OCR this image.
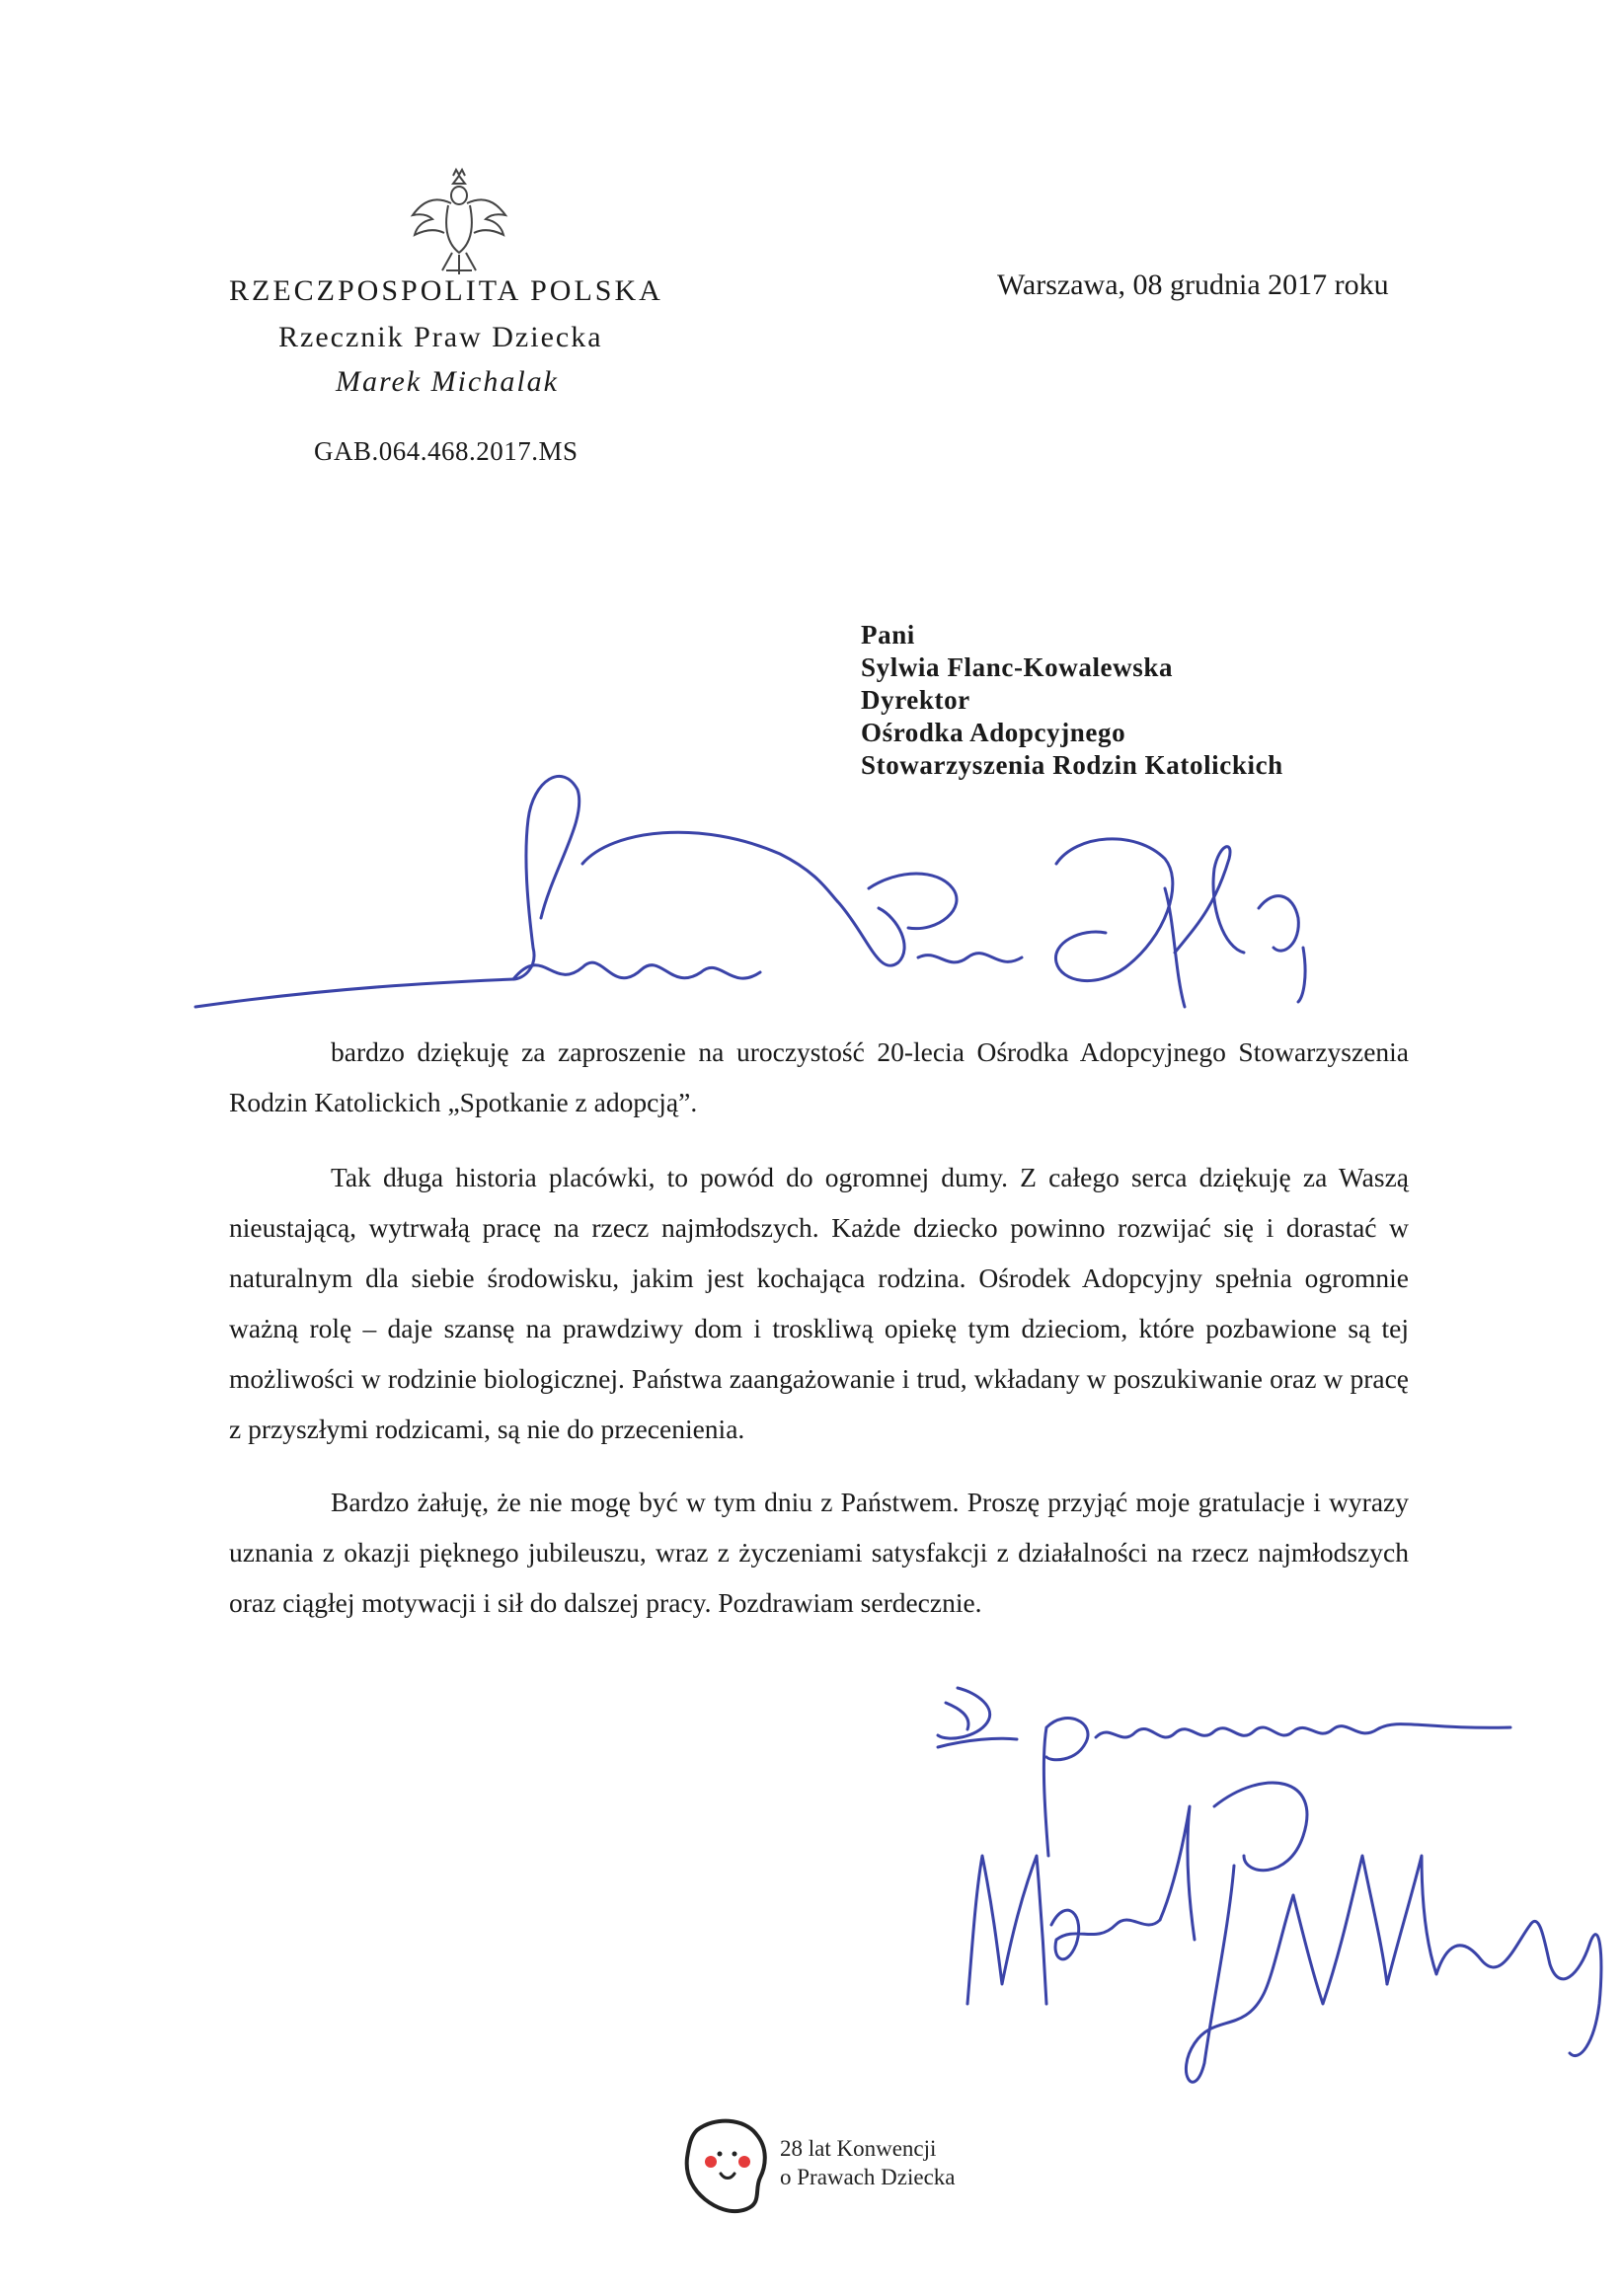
RZECZPOSPOLITA POLSKA
Rzecznik Praw Dziecka
Marek Michalak
GAB.064.468.2017.MS
Warszawa, 08 grudnia 2017 roku
Pani
Sylwia Flanc-Kowalewska
Dyrektor
Ośrodka Adopcyjnego
Stowarzyszenia Rodzin Katolickich
bardzo dziękuję za zaproszenie na uroczystość 20-lecia Ośrodka Adopcyjnego Stowarzyszenia Rodzin Katolickich „Spotkanie z adopcją”.
Tak długa historia placówki, to powód do ogromnej dumy. Z całego serca dziękuję za Waszą nieustającą, wytrwałą pracę na rzecz najmłodszych. Każde dziecko powinno rozwijać się i dorastać w naturalnym dla siebie środowisku, jakim jest kochająca rodzina. Ośrodek Adopcyjny spełnia ogromnie ważną rolę – daje szansę na prawdziwy dom i troskliwą opiekę tym dzieciom, które pozbawione są tej możliwości w rodzinie biologicznej. Państwa zaangażowanie i trud, wkładany w poszukiwanie oraz w pracę z przyszłymi rodzicami, są nie do przecenienia.
Bardzo żałuję, że nie mogę być w tym dniu z Państwem. Proszę przyjąć moje gratulacje i wyrazy uznania z okazji pięknego jubileuszu, wraz z życzeniami satysfakcji z działalności na rzecz najmłodszych oraz ciągłej motywacji i sił do dalszej pracy. Pozdrawiam serdecznie.
28 lat Konwencji
o Prawach Dziecka
